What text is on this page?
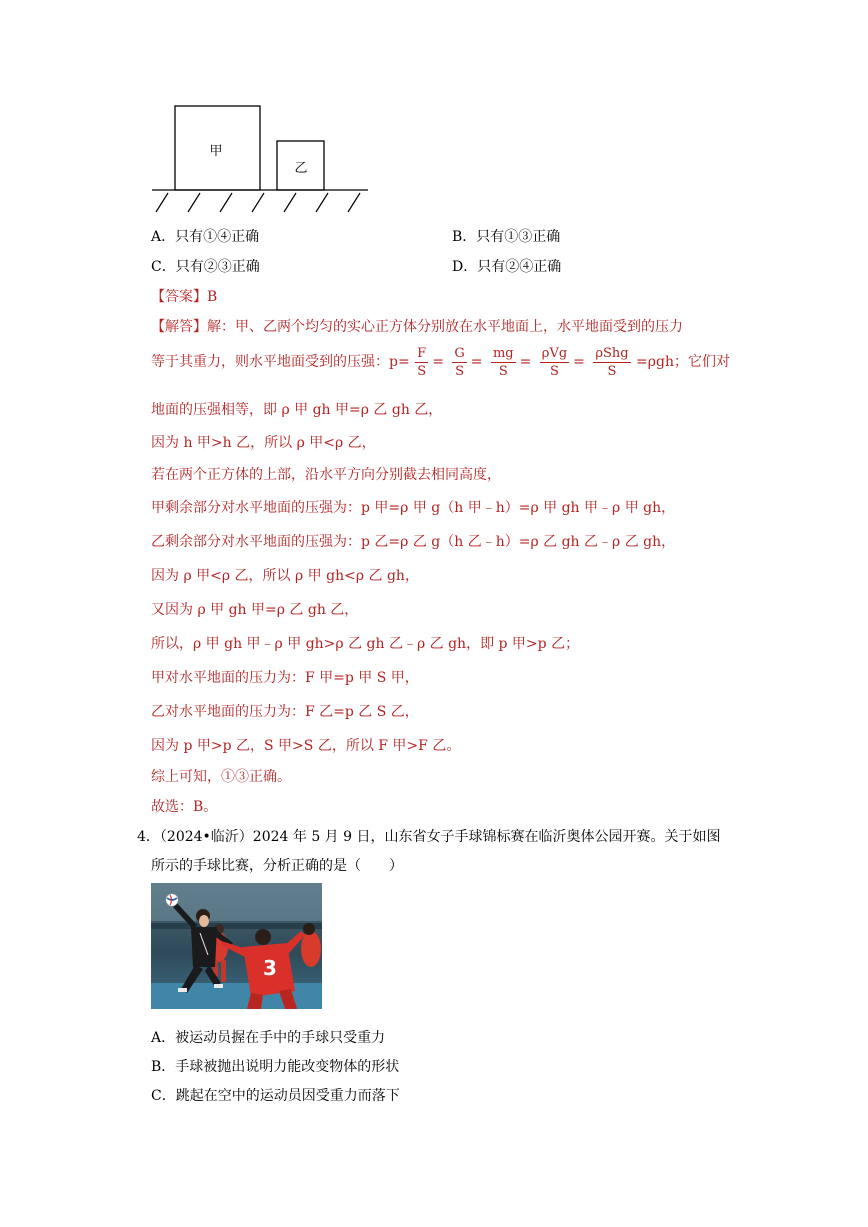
甲
乙
A．只有①④正确	B．只有①③正确
C．只有②③正确	D．只有②④正确
【答案】B
【解答】解：甲、乙两个均匀的实心正方体分别放在水平地面上，水平地面受到的压力
等于其重力，则水平地面受到的压强：$p= \frac{F}{S} = \frac{G}{S} = \frac{mg}{S} = \frac{\text{ρVg}}{S} = \frac{\text{ρShg}}{S} =\rho gh$；它们对
地面的压强相等，即 ρ 甲 gh 甲=ρ 乙 gh 乙，
因为 h 甲>h 乙，所以 ρ 甲<ρ 乙，
若在两个正方体的上部，沿水平方向分别截去相同高度，
甲剩余部分对水平地面的压强为：p 甲=ρ 甲 g（h 甲﹣h）=ρ 甲 gh 甲﹣ρ 甲 gh，
乙剩余部分对水平地面的压强为：p 乙=ρ 乙 g（h 乙﹣h）=ρ 乙 gh 乙﹣ρ 乙 gh，
因为 ρ 甲<ρ 乙，所以 ρ 甲 gh<ρ 乙 gh，
又因为 ρ 甲 gh 甲=ρ 乙 gh 乙，
所以，ρ 甲 gh 甲﹣ρ 甲 gh>ρ 乙 gh 乙﹣ρ 乙 gh，即 p 甲>p 乙；
甲对水平地面的压力为：F 甲=p 甲 S 甲，
乙对水平地面的压力为：F 乙=p 乙 S 乙，
因为 p 甲>p 乙，S 甲>S 乙，所以 F 甲>F 乙。
综上可知，①③正确。
故选：B。
4．（2024•临沂）2024 年 5 月 9 日，山东省女子手球锦标赛在临沂奥体公园开赛。关于如图
所示的手球比赛，分析正确的是（　　）
3
A．被运动员握在手中的手球只受重力
B．手球被抛出说明力能改变物体的形状
C．跳起在空中的运动员因受重力而落下
